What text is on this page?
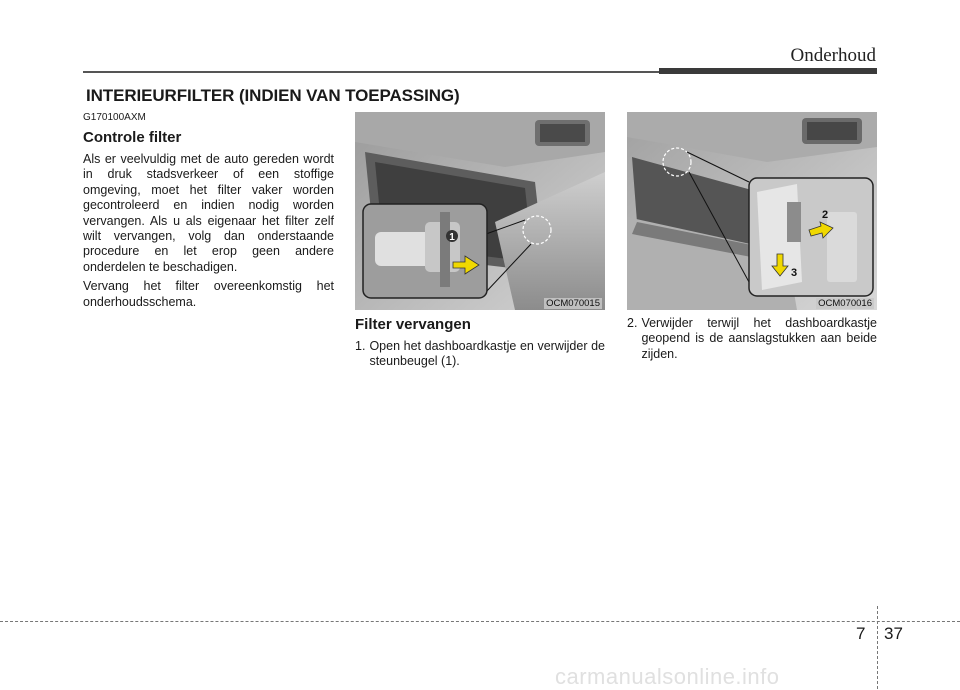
Onderhoud
INTERIEURFILTER (INDIEN VAN TOEPASSING)
G170100AXM
Controle filter

Als er veelvuldig met de auto gereden wordt in druk stadsverkeer of een stoffige omgeving, moet het filter vaker worden gecontroleerd en indien nodig worden vervangen. Als u als eigenaar het filter zelf wilt vervangen, volg dan onderstaande procedure en let erop geen andere onderdelen te beschadigen.

Vervang het filter overeenkomstig het onderhoudsschema.

1
OCM070015
2
3
OCM070016
Filter vervangen
1. Open het dashboardkastje en verwijder de steunbeugel (1).
2. Verwijder terwijl het dashboardkastje geopend is de aanslagstukken aan beide zijden.
7 37
carmanualsonline.info
